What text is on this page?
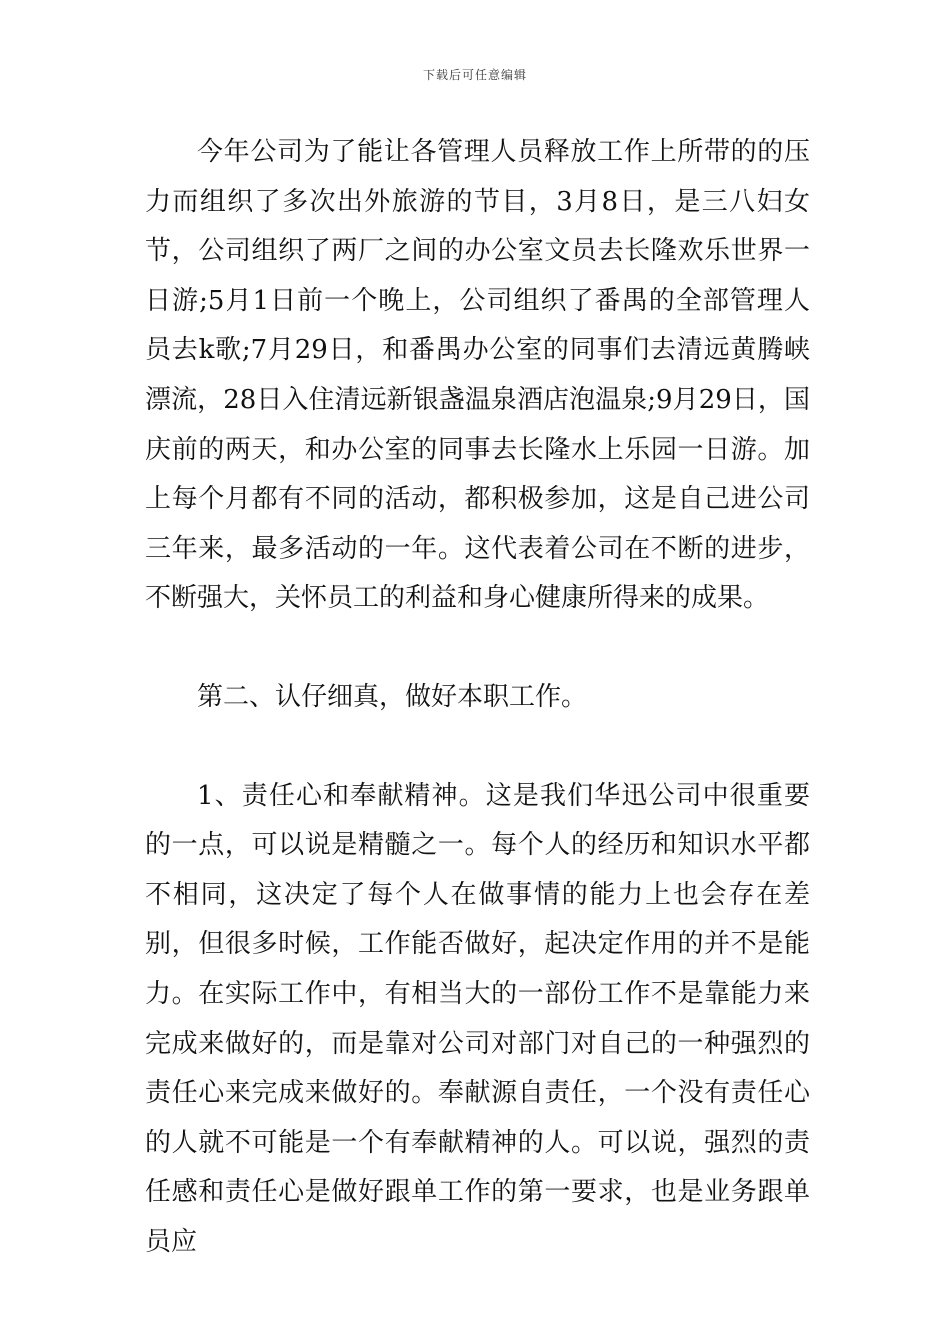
下载后可任意编辑

今年公司为了能让各管理人员释放工作上所带的的压力而组织了多次出外旅游的节目，3月8日，是三八妇女节，公司组织了两厂之间的办公室文员去长隆欢乐世界一日游;5月1日前一个晚上，公司组织了番禺的全部管理人员去k歌;7月29日，和番禺办公室的同事们去清远黄腾峡漂流，28日入住清远新银盏温泉酒店泡温泉;9月29日，国庆前的两天，和办公室的同事去长隆水上乐园一日游。加上每个月都有不同的活动，都积极参加，这是自己进公司三年来，最多活动的一年。这代表着公司在不断的进步，不断强大，关怀员工的利益和身心健康所得来的成果。

第二、认仔细真，做好本职工作。

1、责任心和奉献精神。这是我们华迅公司中很重要的一点，可以说是精髓之一。每个人的经历和知识水平都不相同，这决定了每个人在做事情的能力上也会存在差别，但很多时候，工作能否做好，起决定作用的并不是能力。在实际工作中，有相当大的一部份工作不是靠能力来完成来做好的，而是靠对公司对部门对自己的一种强烈的责任心来完成来做好的。奉献源自责任，一个没有责任心的人就不可能是一个有奉献精神的人。可以说，强烈的责任感和责任心是做好跟单工作的第一要求，也是业务跟单员应
